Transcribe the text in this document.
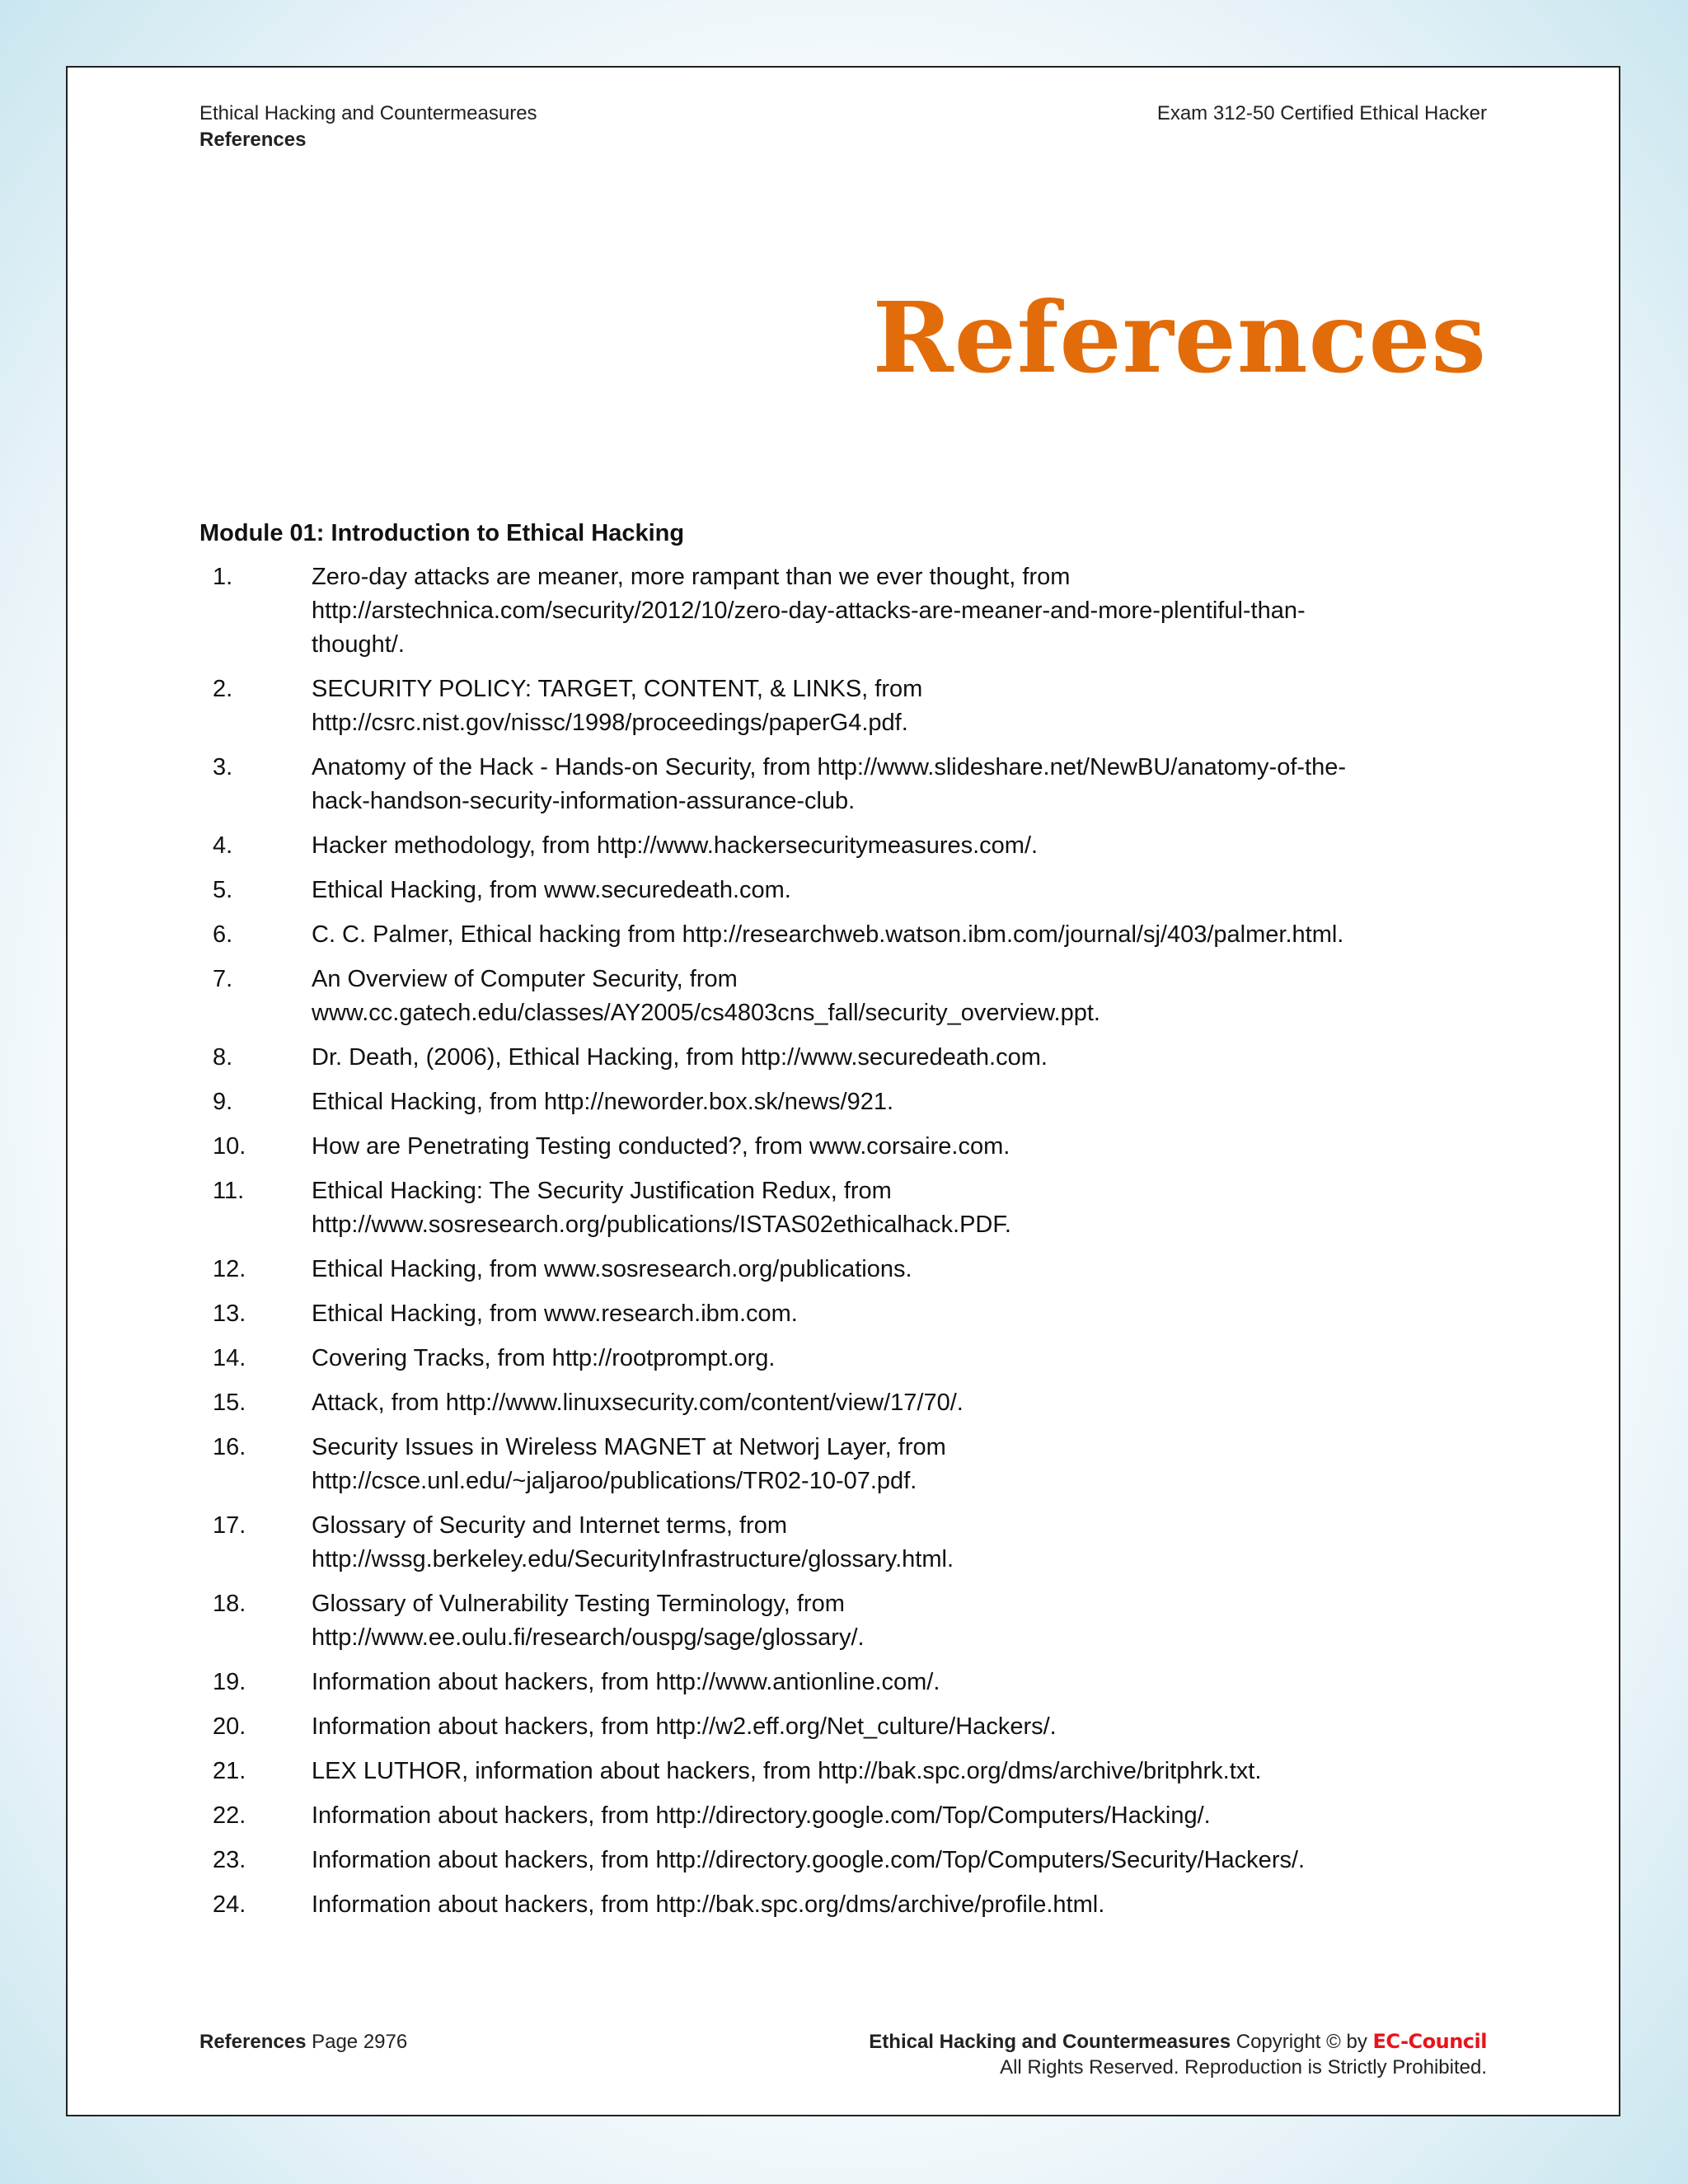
Ethical Hacking and Countermeasures
References
Exam 312-50 Certified Ethical Hacker
References
Module 01: Introduction to Ethical Hacking
1.	Zero-day attacks are meaner, more rampant than we ever thought, from
http://arstechnica.com/security/2012/10/zero-day-attacks-are-meaner-and-more-plentiful-than-
thought/.
2.	SECURITY POLICY: TARGET, CONTENT, & LINKS, from
http://csrc.nist.gov/nissc/1998/proceedings/paperG4.pdf.
3.	Anatomy of the Hack - Hands-on Security, from http://www.slideshare.net/NewBU/anatomy-of-the-
hack-handson-security-information-assurance-club.
4.	Hacker methodology, from http://www.hackersecuritymeasures.com/.
5.	Ethical Hacking, from www.securedeath.com.
6.	C. C. Palmer, Ethical hacking from http://researchweb.watson.ibm.com/journal/sj/403/palmer.html.
7.	An Overview of Computer Security, from
www.cc.gatech.edu/classes/AY2005/cs4803cns_fall/security_overview.ppt.
8.	Dr. Death, (2006), Ethical Hacking, from http://www.securedeath.com.
9.	Ethical Hacking, from http://neworder.box.sk/news/921.
10.	How are Penetrating Testing conducted?, from www.corsaire.com.
11.	Ethical Hacking: The Security Justification Redux, from
http://www.sosresearch.org/publications/ISTAS02ethicalhack.PDF.
12.	Ethical Hacking, from www.sosresearch.org/publications.
13.	Ethical Hacking, from www.research.ibm.com.
14.	Covering Tracks, from http://rootprompt.org.
15.	Attack, from http://www.linuxsecurity.com/content/view/17/70/.
16.	Security Issues in Wireless MAGNET at Networj Layer, from
http://csce.unl.edu/~jaljaroo/publications/TR02-10-07.pdf.
17.	Glossary of Security and Internet terms, from
http://wssg.berkeley.edu/SecurityInfrastructure/glossary.html.
18.	Glossary of Vulnerability Testing Terminology, from
http://www.ee.oulu.fi/research/ouspg/sage/glossary/.
19.	Information about hackers, from http://www.antionline.com/.
20.	Information about hackers, from http://w2.eff.org/Net_culture/Hackers/.
21.	LEX LUTHOR, information about hackers, from http://bak.spc.org/dms/archive/britphrk.txt.
22.	Information about hackers, from http://directory.google.com/Top/Computers/Hacking/.
23.	Information about hackers, from http://directory.google.com/Top/Computers/Security/Hackers/.
24.	Information about hackers, from http://bak.spc.org/dms/archive/profile.html.
References Page 2976	Ethical Hacking and Countermeasures Copyright © by EC-Council
All Rights Reserved. Reproduction is Strictly Prohibited.
